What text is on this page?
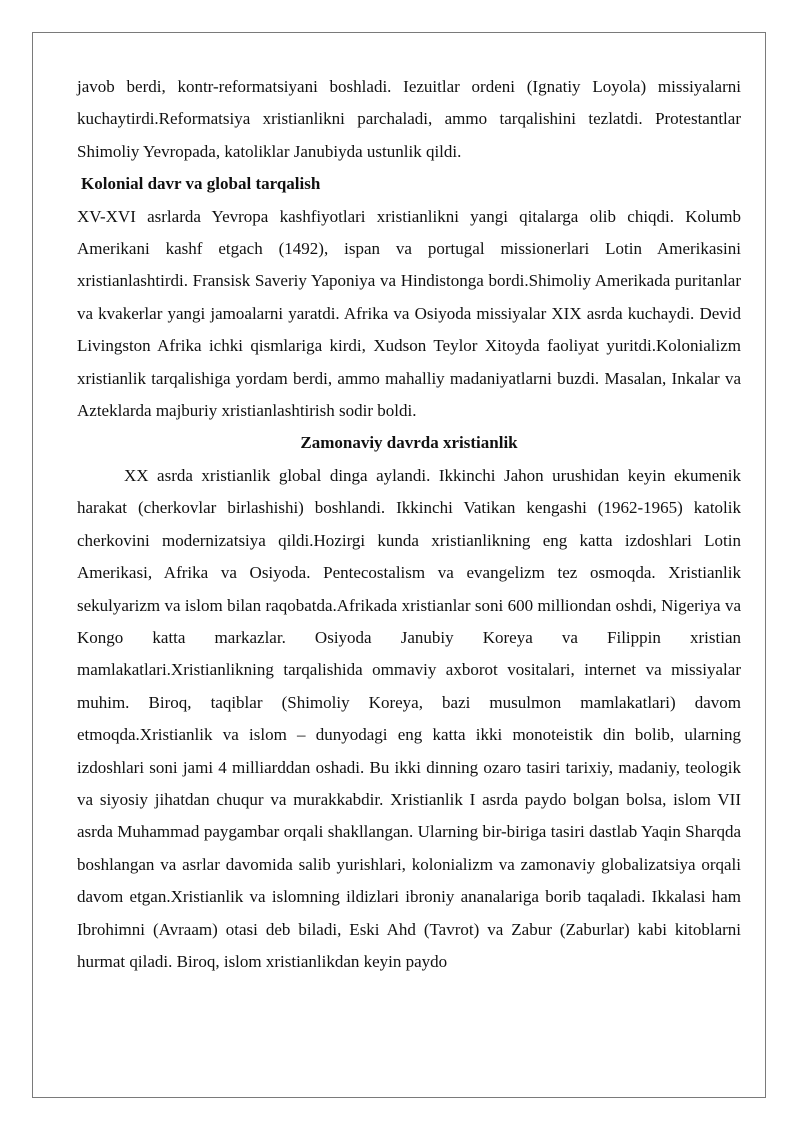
javob berdi, kontr-reformatsiyani boshladi. Iezuitlar ordeni (Ignatiy Loyola) missiyalarni kuchaytirdi.Reformatsiya xristianlikni parchaladi, ammo tarqalishini tezlatdi. Protestantlar Shimoliy Yevropada, katoliklar Janubiyda ustunlik qildi.

Kolonial davr va global tarqalish

XV-XVI asrlarda Yevropa kashfiyotlari xristianlikni yangi qitalarga olib chiqdi. Kolumb Amerikani kashf etgach (1492), ispan va portugal missionerlari Lotin Amerikasini xristianlashtirdi. Fransisk Saveriy Yaponiya va Hindistonga bordi.Shimoliy Amerikada puritanlar va kvakerlar yangi jamoalarni yaratdi. Afrika va Osiyoda missiyalar XIX asrda kuchaydi. Devid Livingston Afrika ichki qismlariga kirdi, Xudson Teylor Xitoyda faoliyat yuritdi.Kolonializm xristianlik tarqalishiga yordam berdi, ammo mahalliy madaniyatlarni buzdi. Masalan, Inkalar va Azteklarda majburiy xristianlashtirish sodir boldi.

Zamonaviy davrda xristianlik

XX asrda xristianlik global dinga aylandi. Ikkinchi Jahon urushidan keyin ekumenik harakat (cherkovlar birlashishi) boshlandi. Ikkinchi Vatikan kengashi (1962-1965) katolik cherkovini modernizatsiya qildi.Hozirgi kunda xristianlikning eng katta izdoshlari Lotin Amerikasi, Afrika va Osiyoda. Pentecostalism va evangelizm tez osmoqda. Xristianlik sekulyarizm va islom bilan raqobatda.Afrikada xristianlar soni 600 milliondan oshdi, Nigeriya va Kongo katta markazlar. Osiyoda Janubiy Koreya va Filippin xristian mamlakatlari.Xristianlikning tarqalishida ommaviy axborot vositalari, internet va missiyalar muhim. Biroq, taqiblar (Shimoliy Koreya, bazi musulmon mamlakatlari) davom etmoqda.Xristianlik va islom – dunyodagi eng katta ikki monoteistik din bolib, ularning izdoshlari soni jami 4 milliarddan oshadi. Bu ikki dinning ozaro tasiri tarixiy, madaniy, teologik va siyosiy jihatdan chuqur va murakkabdir. Xristianlik I asrda paydo bolgan bolsa, islom VII asrda Muhammad paygambar orqali shakllangan. Ularning bir-biriga tasiri dastlab Yaqin Sharqda boshlangan va asrlar davomida salib yurishlari, kolonializm va zamonaviy globalizatsiya orqali davom etgan.Xristianlik va islomning ildizlari ibroniy ananalariga borib taqaladi. Ikkalasi ham Ibrohimni (Avraam) otasi deb biladi, Eski Ahd (Tavrot) va Zabur (Zaburlar) kabi kitoblarni hurmat qiladi. Biroq, islom xristianlikdan keyin paydo
